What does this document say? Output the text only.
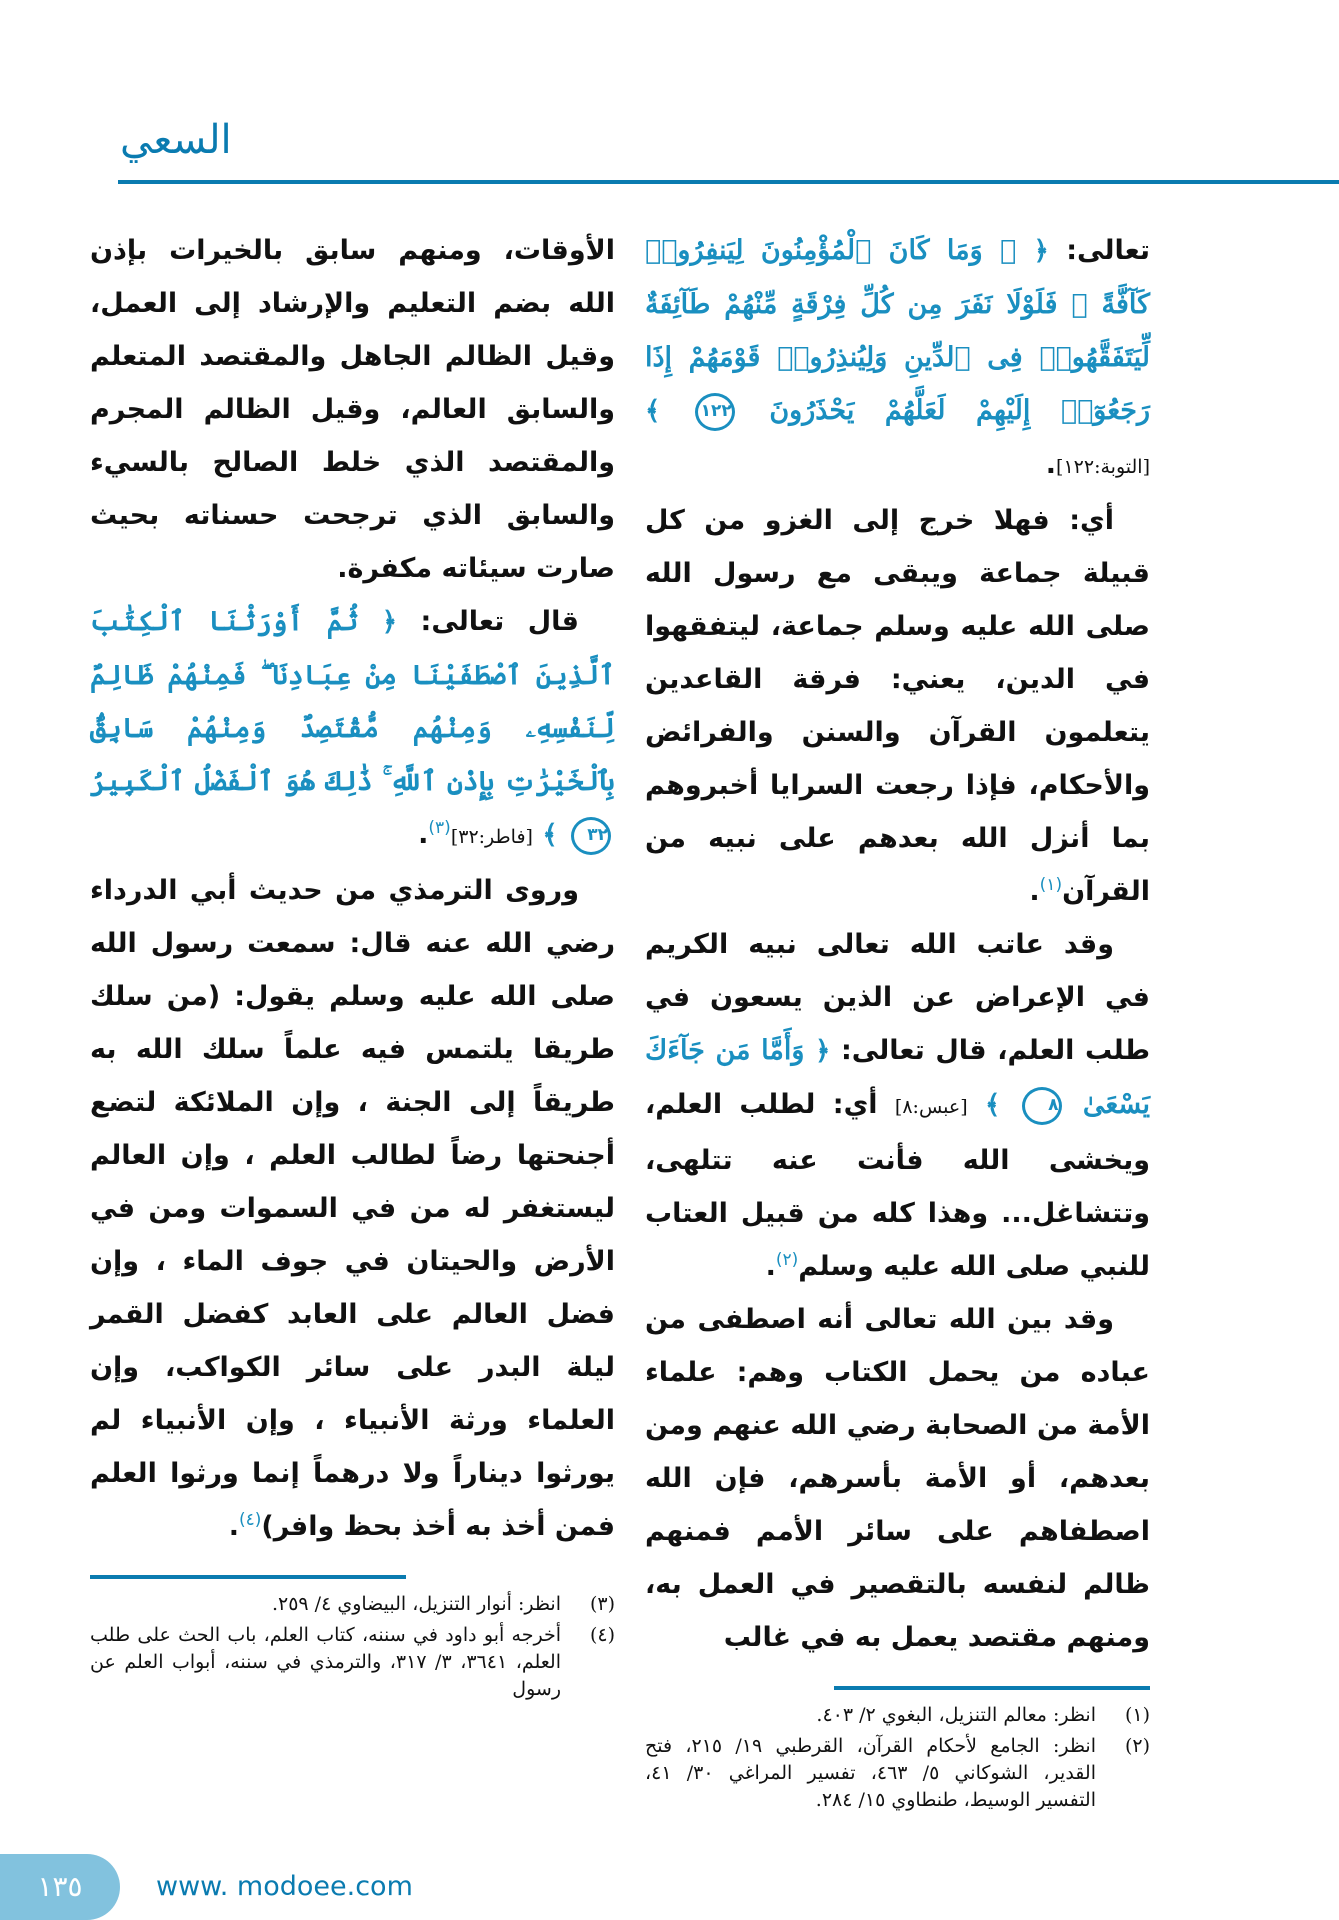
السعي

الأوقات، ومنهم سابق بالخيرات بإذن الله بضم التعليم والإرشاد إلى العمل، وقيل الظالم الجاهل والمقتصد المتعلم والسابق العالم، وقيل الظالم المجرم والمقتصد الذي خلط الصالح بالسيء والسابق الذي ترجحت حسناته بحيث صارت سيئاته مكفرة.

قال تعالى: ﴿ ثُمَّ أَوْرَثْنَا ٱلْكِتَٰبَ ٱلَّذِينَ ٱصْطَفَيْنَا مِنْ عِبَادِنَا ۖ فَمِنْهُمْ ظَالِمٌ لِّنَفْسِهِۦ وَمِنْهُم مُّقْتَصِدٌ وَمِنْهُمْ سَابِقٌۢ بِٱلْخَيْرَٰتِ بِإِذْنِ ٱللَّهِ ۚ ذَٰلِكَ هُوَ ٱلْفَضْلُ ٱلْكَبِيرُ ٣٢ ﴾ [فاطر:٣٢]$^{(٣)}$.

وروى الترمذي من حديث أبي الدرداء رضي الله عنه قال: سمعت رسول الله صلى الله عليه وسلم يقول: (من سلك طريقا يلتمس فيه علماً سلك الله به طريقاً إلى الجنة ، وإن الملائكة لتضع أجنحتها رضاً لطالب العلم ، وإن العالم ليستغفر له من في السموات ومن في الأرض والحيتان في جوف الماء ، وإن فضل العالم على العابد كفضل القمر ليلة البدر على سائر الكواكب، وإن العلماء ورثة الأنبياء ، وإن الأنبياء لم يورثوا ديناراً ولا درهماً إنما ورثوا العلم فمن أخذ به أخذ بحظ وافر)$^{(٤)}$.

(٣)
انظر: أنوار التنزيل، البيضاوي ٤/ ٢٥٩.

(٤)
أخرجه أبو داود في سننه، كتاب العلم، باب الحث على طلب العلم، ٣٦٤١، ٣/ ٣١٧، والترمذي في سننه، أبواب العلم عن رسول

تعالى: ﴿ ۞ وَمَا كَانَ ٱلْمُؤْمِنُونَ لِيَنفِرُوا۟ كَآفَّةً ۚ فَلَوْلَا نَفَرَ مِن كُلِّ فِرْقَةٍ مِّنْهُمْ طَآئِفَةٌ لِّيَتَفَقَّهُوا۟ فِى ٱلدِّينِ وَلِيُنذِرُوا۟ قَوْمَهُمْ إِذَا رَجَعُوٓا۟ إِلَيْهِمْ لَعَلَّهُمْ يَحْذَرُونَ ١٢٢ ﴾ [التوبة:١٢٢].

أي: فهلا خرج إلى الغزو من كل قبيلة جماعة ويبقى مع رسول الله صلى الله عليه وسلم جماعة، ليتفقهوا في الدين، يعني: فرقة القاعدين يتعلمون القرآن والسنن والفرائض والأحكام، فإذا رجعت السرايا أخبروهم بما أنزل الله بعدهم على نبيه من القرآن$^{(١)}$.

وقد عاتب الله تعالى نبيه الكريم في الإعراض عن الذين يسعون في طلب العلم، قال تعالى: ﴿ وَأَمَّا مَن جَآءَكَ يَسْعَىٰ ٨ ﴾ [عبس:٨] أي: لطلب العلم، ويخشى الله فأنت عنه تتلهى، وتتشاغل... وهذا كله من قبيل العتاب للنبي صلى الله عليه وسلم$^{(٢)}$.

وقد بين الله تعالى أنه اصطفى من عباده من يحمل الكتاب وهم: علماء الأمة من الصحابة رضي الله عنهم ومن بعدهم، أو الأمة بأسرهم، فإن الله اصطفاهم على سائر الأمم فمنهم ظالم لنفسه بالتقصير في العمل به، ومنهم مقتصد يعمل به في غالب

(١)
انظر: معالم التنزيل، البغوي ٢/ ٤٠٣.

(٢)
انظر: الجامع لأحكام القرآن، القرطبي ١٩/ ٢١٥، فتح القدير، الشوكاني ٥/ ٤٦٣، تفسير المراغي ٣٠/ ٤١، التفسير الوسيط، طنطاوي ١٥/ ٢٨٤.

١٣٥	www. modoee.com
